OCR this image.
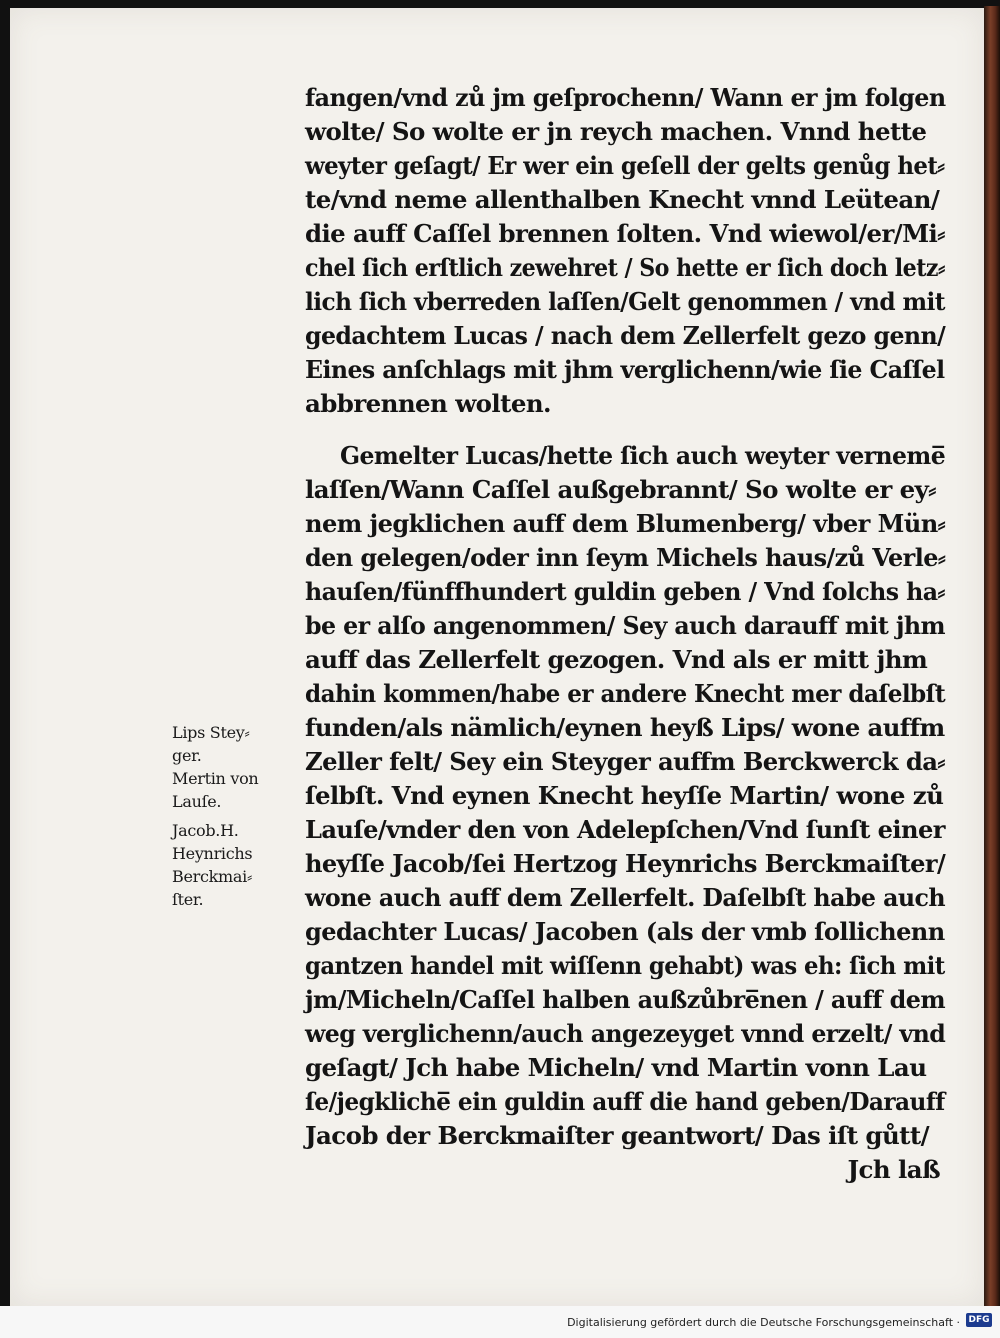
fangen/vnd zů jm geſprochenn/ Wann er jm folgen
wolte/ So wolte er jn reych machen. Vnnd hette
weyter geſagt/ Er wer ein geſell der gelts genůg het⸗
te/vnd neme allenthalben Knecht vnnd Leütean/
die auff Caſſel brennen ſolten. Vnd wiewol/er/Mi⸗
chel ſich erſtlich zewehret / So hette er ſich doch letz⸗
lich ſich vberreden laſſen/Gelt genommen / vnd mit
gedachtem Lucas / nach dem Zellerfelt gezo genn/
Eines anſchlags mit jhm verglichenn/wie ſie Caſſel
abbrennen wolten.
Gemelter Lucas/hette ſich auch weyter verneme̅
laſſen/Wann Caſſel außgebrannt/ So wolte er ey⸗
nem jegklichen auff dem Blumenberg/ vber Mün⸗
den gelegen/oder inn ſeym Michels haus/zů Verle⸗
hauſen/fünffhundert guldin geben / Vnd ſolchs ha⸗
be er alſo angenommen/ Sey auch darauff mit jhm
auff das Zellerfelt gezogen. Vnd als er mitt jhm
dahin kommen/habe er andere Knecht mer daſelbſt
funden/als nämlich/eynen heyß Lips/ wone auffm
Zeller felt/ Sey ein Steyger auffm Berckwerck da⸗
ſelbſt. Vnd eynen Knecht heyſſe Martin/ wone zů
Lauſe/vnder den von Adelepſchen/Vnd ſunſt einer
heyſſe Jacob/ſei Hertzog Heynrichs Berckmaiſter/
wone auch auff dem Zellerfelt. Daſelbſt habe auch
gedachter Lucas/ Jacoben (als der vmb ſollichenn
gantzen handel mit wiſſenn gehabt) was eh: ſich mit
jm/Micheln/Caſſel halben außzůbre̅nen / auff dem
weg verglichenn/auch angezeyget vnnd erzelt/ vnd
geſagt/ Jch habe Micheln/ vnd Martin vonn Lau
ſe/jegkliche̅ ein guldin auff die hand geben/Darauff
Jacob der Berckmaiſter geantwort/ Das iſt gůtt/
Jch laß
Lips Stey⸗
ger.
Mertin von
Lauſe.
Jacob.H.
Heynrichs
Berckmai⸗
ſter.
Digitalisierung gefördert durch die Deutsche Forschungsgemeinschaft · DFG
